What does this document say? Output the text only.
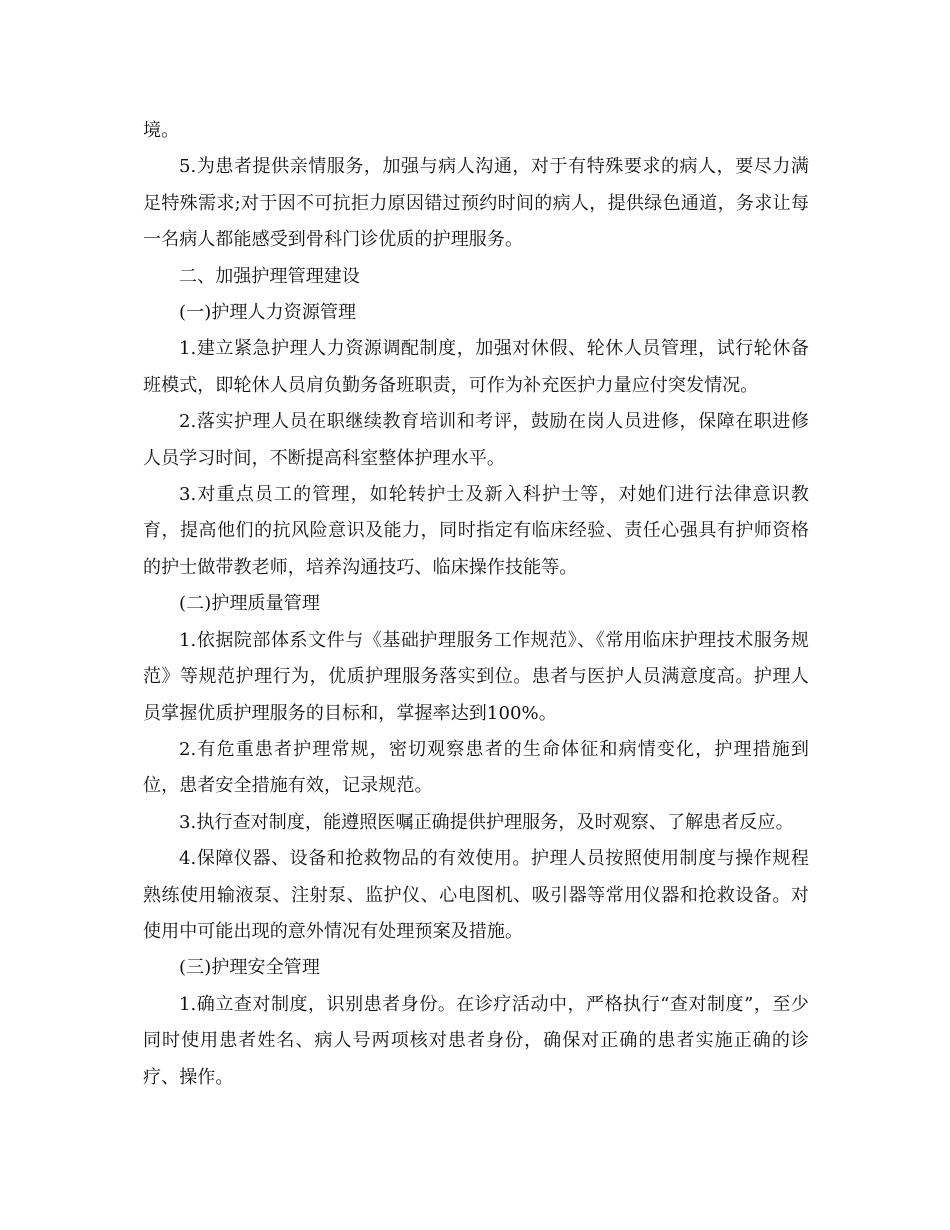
境。

5.为患者提供亲情服务，加强与病人沟通，对于有特殊要求的病人，要尽力满足特殊需求;对于因不可抗拒力原因错过预约时间的病人，提供绿色通道，务求让每一名病人都能感受到骨科门诊优质的护理服务。

二、加强护理管理建设

(一)护理人力资源管理

1.建立紧急护理人力资源调配制度，加强对休假、轮休人员管理，试行轮休备班模式，即轮休人员肩负勤务备班职责，可作为补充医护力量应付突发情况。

2.落实护理人员在职继续教育培训和考评，鼓励在岗人员进修，保障在职进修人员学习时间，不断提高科室整体护理水平。

3.对重点员工的管理，如轮转护士及新入科护士等，对她们进行法律意识教育，提高他们的抗风险意识及能力，同时指定有临床经验、责任心强具有护师资格的护士做带教老师，培养沟通技巧、临床操作技能等。

(二)护理质量管理

1.依据院部体系文件与《基础护理服务工作规范》、《常用临床护理技术服务规范》等规范护理行为，优质护理服务落实到位。患者与医护人员满意度高。护理人员掌握优质护理服务的目标和，掌握率达到100%。

2.有危重患者护理常规，密切观察患者的生命体征和病情变化，护理措施到位，患者安全措施有效，记录规范。

3.执行查对制度，能遵照医嘱正确提供护理服务，及时观察、了解患者反应。

4.保障仪器、设备和抢救物品的有效使用。护理人员按照使用制度与操作规程熟练使用输液泵、注射泵、监护仪、心电图机、吸引器等常用仪器和抢救设备。对使用中可能出现的意外情况有处理预案及措施。

(三)护理安全管理

1.确立查对制度，识别患者身份。在诊疗活动中，严格执行“查对制度”，至少同时使用患者姓名、病人号两项核对患者身份，确保对正确的患者实施正确的诊疗、操作。
